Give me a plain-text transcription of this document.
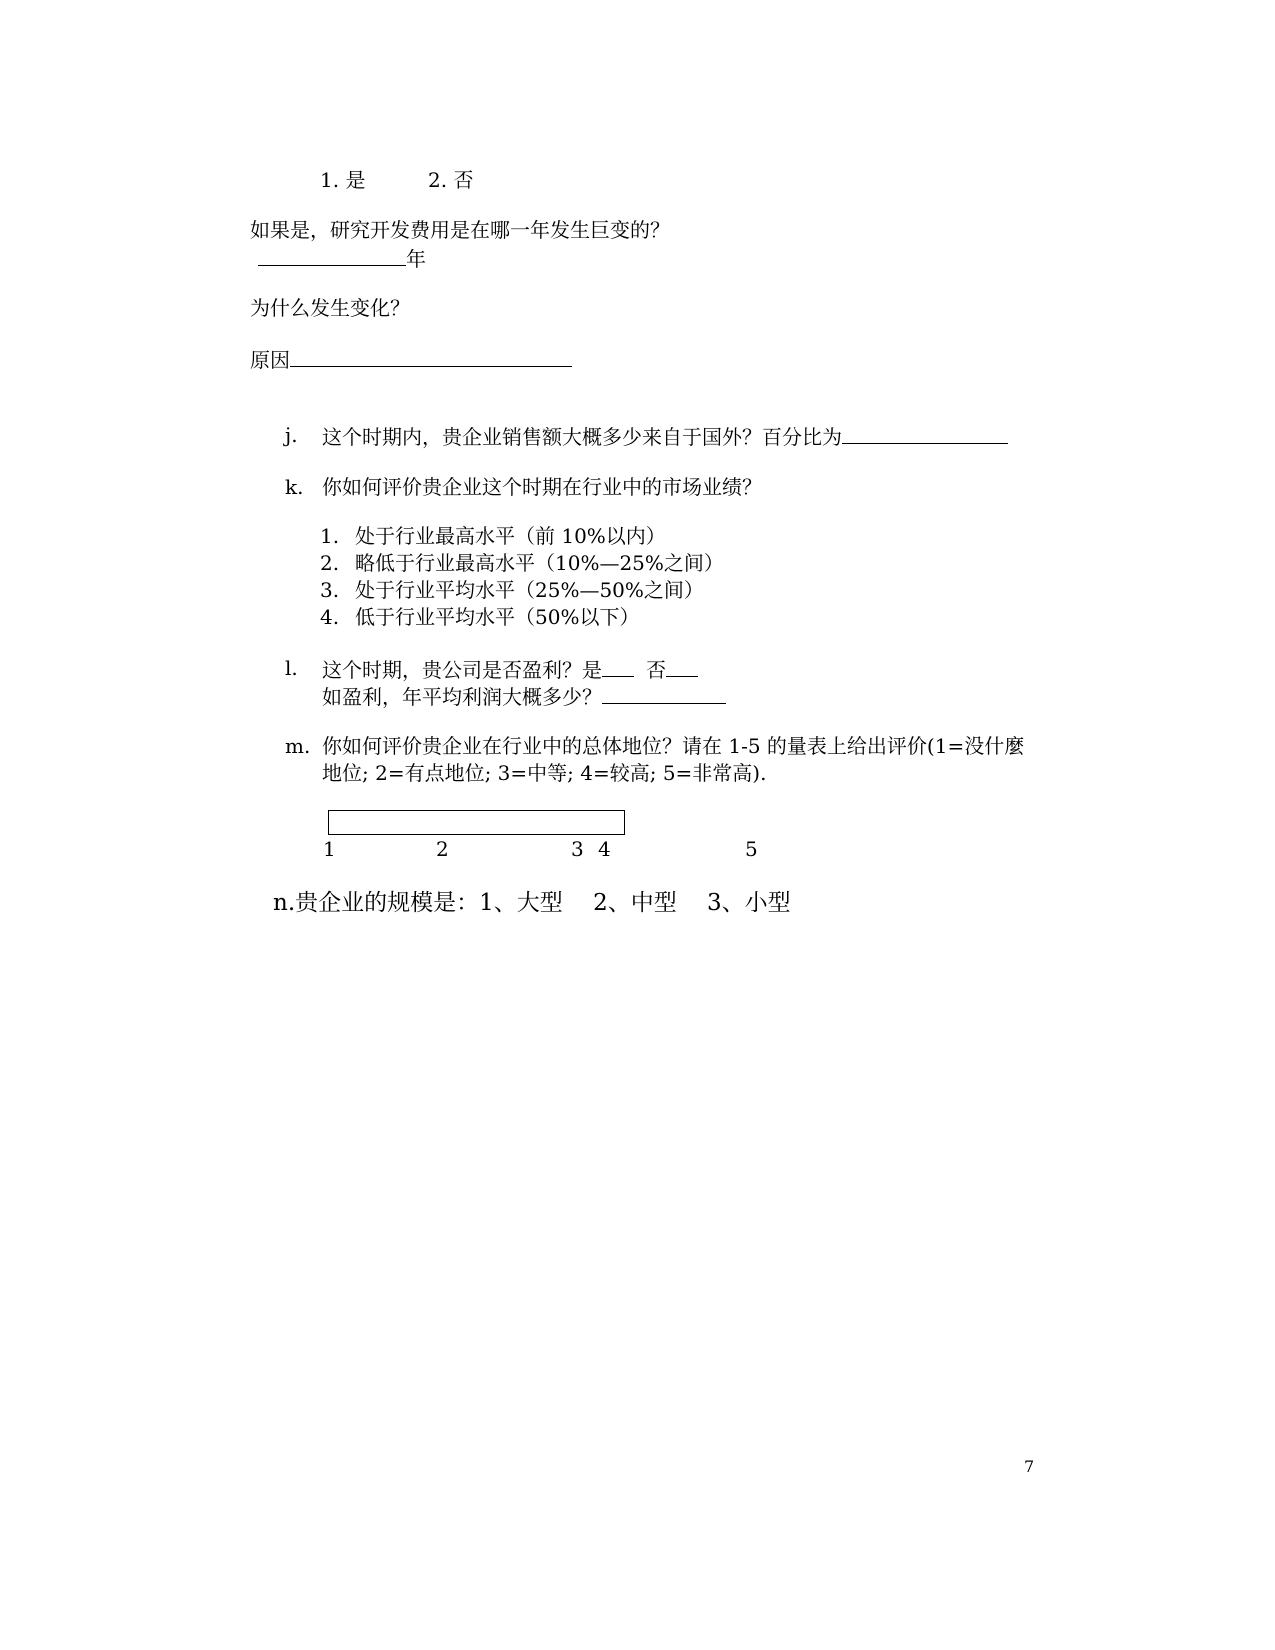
1. 是	2. 否
如果是，研究开发费用是在哪一年发生巨变的？
年
为什么发生变化？
原因
j. 这个时期内，贵企业销售额大概多少来自于国外？百分比为
k. 你如何评价贵企业这个时期在行业中的市场业绩？
1. 处于行业最高水平（前 10%以内）
2. 略低于行业最高水平（10%—25%之间）
3. 处于行业平均水平（25%—50%之间）
4. 低于行业平均水平（50%以下）
l. 这个时期，贵公司是否盈利？是 否
如盈利，年平均利润大概多少？
m. 你如何评价贵企业在行业中的总体地位？请在 1-5 的量表上给出评价(1=没什麼
地位; 2=有点地位; 3=中等; 4=较高; 5=非常高).
1	2	3 4	5
n.贵企业的规模是：1、大型　 2、中型　 3、小型
7
